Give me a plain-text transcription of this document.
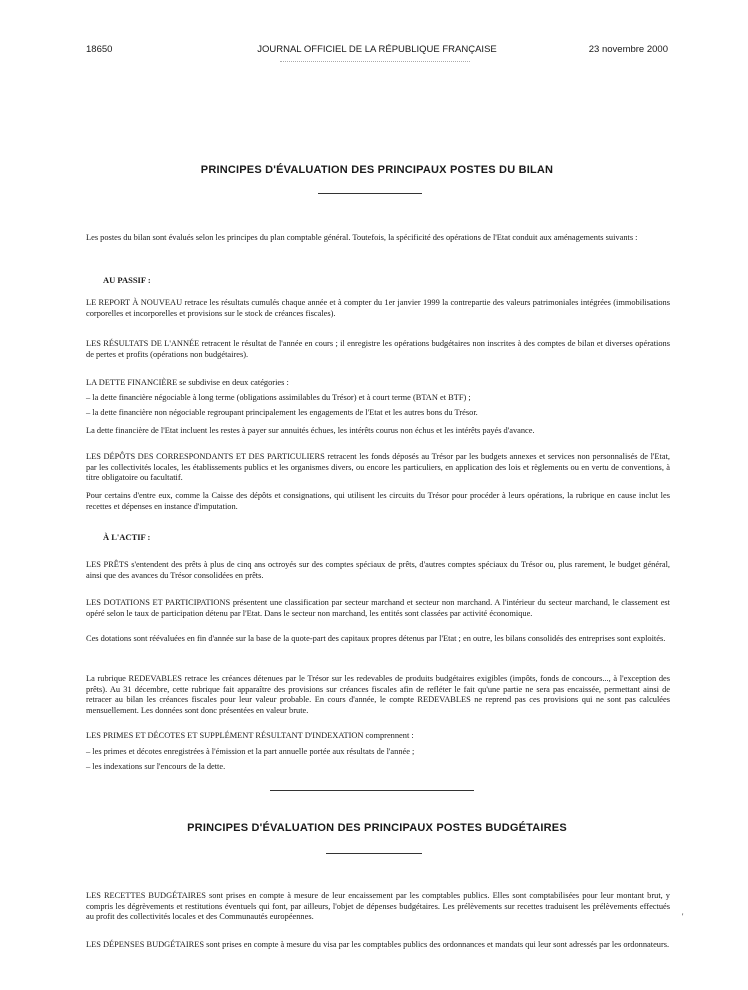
18650	JOURNAL OFFICIEL DE LA RÉPUBLIQUE FRANÇAISE	23 novembre 2000
PRINCIPES D'ÉVALUATION DES PRINCIPAUX POSTES DU BILAN

Les postes du bilan sont évalués selon les principes du plan comptable général. Toutefois, la spécificité des opérations de l'Etat conduit aux aménagements suivants :

AU PASSIF :

LE REPORT À NOUVEAU retrace les résultats cumulés chaque année et à compter du 1er janvier 1999 la contrepartie des valeurs patrimoniales intégrées (immobilisations corporelles et incorporelles et provisions sur le stock de créances fiscales).

LES RÉSULTATS DE L'ANNÉE retracent le résultat de l'année en cours ; il enregistre les opérations budgétaires non inscrites à des comptes de bilan et diverses opérations de pertes et profits (opérations non budgétaires).

LA DETTE FINANCIÈRE se subdivise en deux catégories :

– la dette financière négociable à long terme (obligations assimilables du Trésor) et à court terme (BTAN et BTF) ;

– la dette financière non négociable regroupant principalement les engagements de l'Etat et les autres bons du Trésor.

La dette financière de l'Etat incluent les restes à payer sur annuités échues, les intérêts courus non échus et les intérêts payés d'avance.

LES DÉPÔTS DES CORRESPONDANTS ET DES PARTICULIERS retracent les fonds déposés au Trésor par les budgets annexes et services non personnalisés de l'Etat, par les collectivités locales, les établissements publics et les organismes divers, ou encore les particuliers, en application des lois et règlements ou en vertu de conventions, à titre obligatoire ou facultatif.

Pour certains d'entre eux, comme la Caisse des dépôts et consignations, qui utilisent les circuits du Trésor pour procéder à leurs opérations, la rubrique en cause inclut les recettes et dépenses en instance d'imputation.

À L'ACTIF :

LES PRÊTS s'entendent des prêts à plus de cinq ans octroyés sur des comptes spéciaux de prêts, d'autres comptes spéciaux du Trésor ou, plus rarement, le budget général, ainsi que des avances du Trésor consolidées en prêts.

LES DOTATIONS ET PARTICIPATIONS présentent une classification par secteur marchand et secteur non marchand. A l'intérieur du secteur marchand, le classement est opéré selon le taux de participation détenu par l'Etat. Dans le secteur non marchand, les entités sont classées par activité économique.

Ces dotations sont réévaluées en fin d'année sur la base de la quote-part des capitaux propres détenus par l'Etat ; en outre, les bilans consolidés des entreprises sont exploités.

La rubrique REDEVABLES retrace les créances détenues par le Trésor sur les redevables de produits budgétaires exigibles (impôts, fonds de concours..., à l'exception des prêts). Au 31 décembre, cette rubrique fait apparaître des provisions sur créances fiscales afin de refléter le fait qu'une partie ne sera pas encaissée, permettant ainsi de retracer au bilan les créances fiscales pour leur valeur probable. En cours d'année, le compte REDEVABLES ne reprend pas ces provisions qui ne sont pas calculées mensuellement. Les données sont donc présentées en valeur brute.

LES PRIMES ET DÉCOTES ET SUPPLÉMENT RÉSULTANT D'INDEXATION comprennent :

– les primes et décotes enregistrées à l'émission et la part annuelle portée aux résultats de l'année ;

– les indexations sur l'encours de la dette.

PRINCIPES D'ÉVALUATION DES PRINCIPAUX POSTES BUDGÉTAIRES

LES RECETTES BUDGÉTAIRES sont prises en compte à mesure de leur encaissement par les comptables publics. Elles sont comptabilisées pour leur montant brut, y compris les dégrèvements et restitutions éventuels qui font, par ailleurs, l'objet de dépenses budgétaires. Les prélèvements sur recettes traduisent les prélèvements effectués au profit des collectivités locales et des Communautés européennes.

LES DÉPENSES BUDGÉTAIRES sont prises en compte à mesure du visa par les comptables publics des ordonnances et mandats qui leur sont adressés par les ordonnateurs.

'
